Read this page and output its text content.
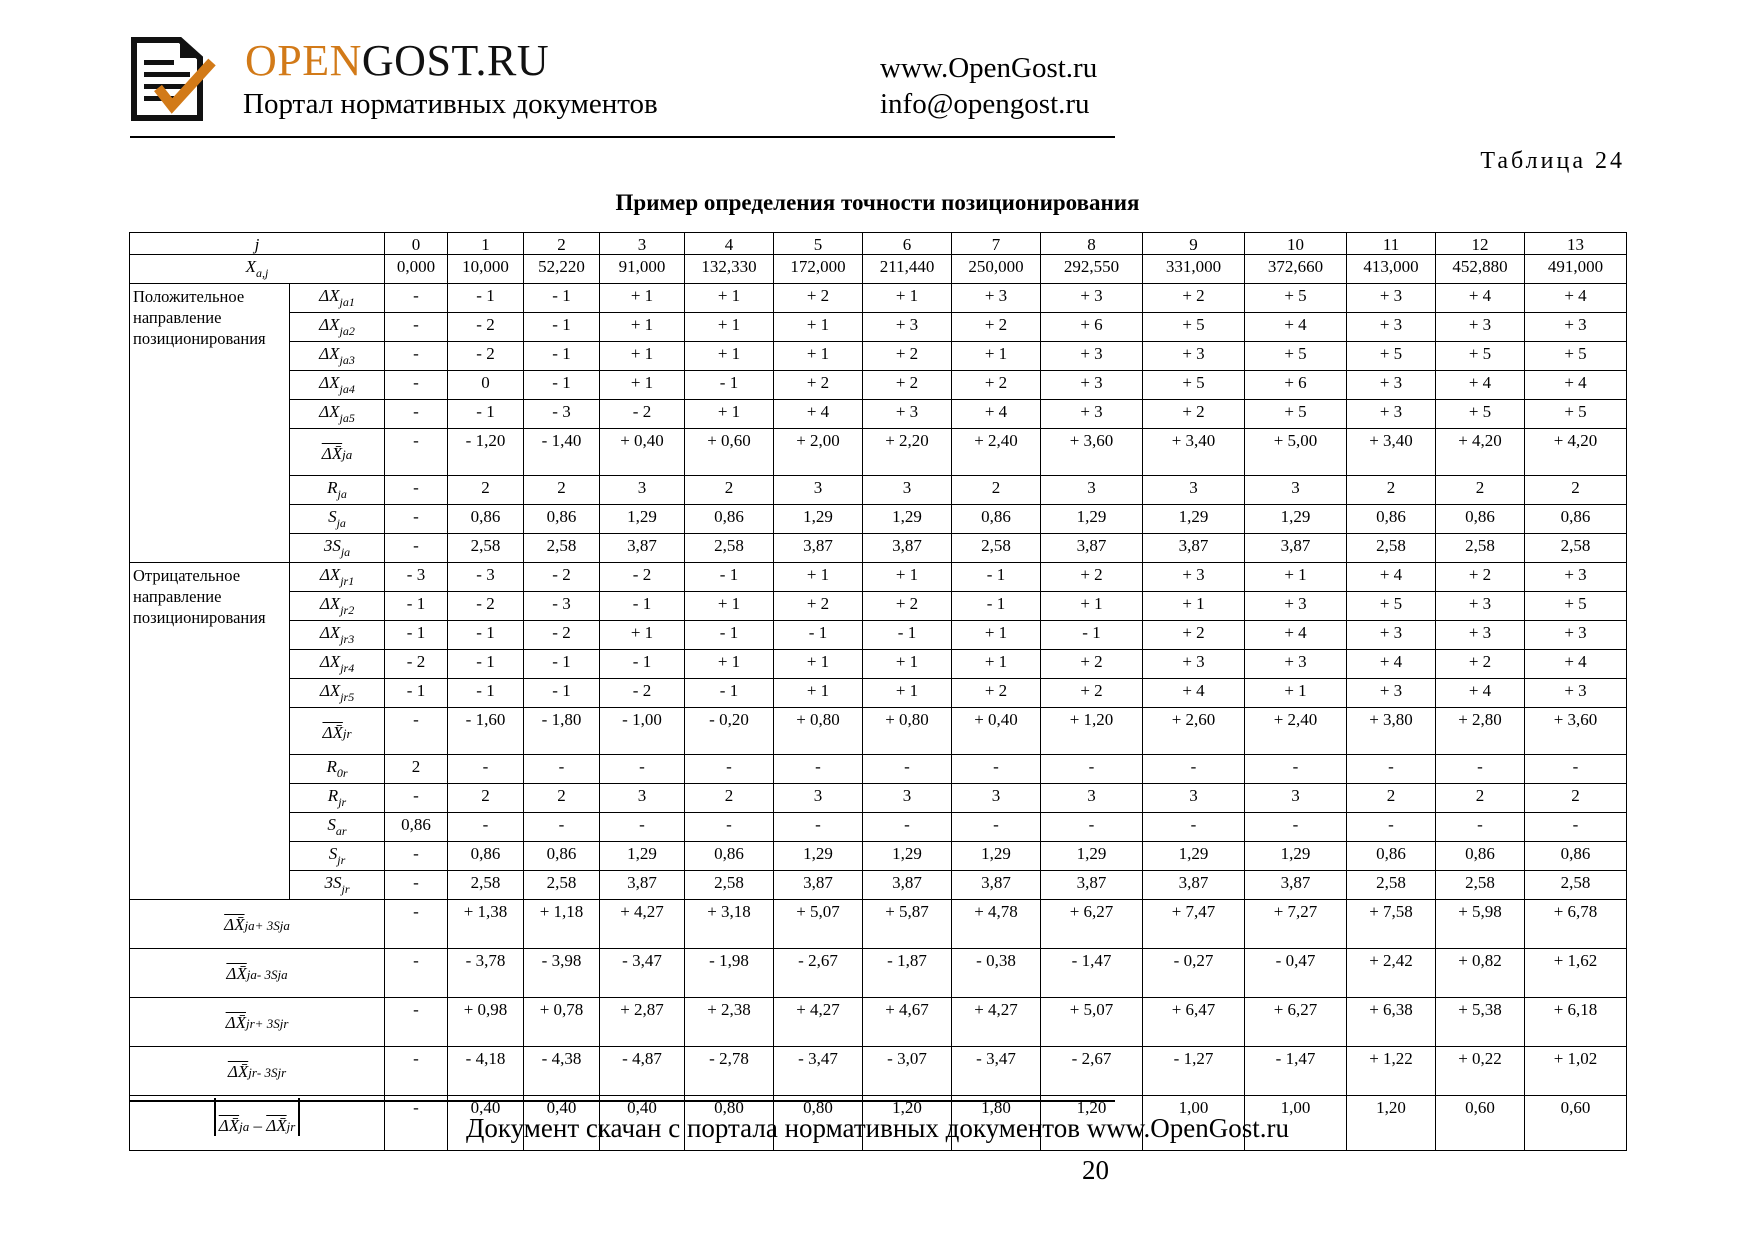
OPENGOST.RU
Портал нормативных документов
www.OpenGost.ru
info@opengost.ru
Таблица 24
Пример определения точности позиционирования
j		0	1	2	3	4	5	6	7	8	9	10	11	12	13
$X_{a,j}$		0,000	10,000	52,220	91,000	132,330	172,000	211,440	250,000	292,550	331,000	372,660	413,000	452,880	491,000
Положительное направление позиционирования	$\Delta X_{ja1}$	-	- 1	- 1	+ 1	+ 1	+ 2	+ 1	+ 3	+ 3	+ 2	+ 5	+ 3	+ 4	+ 4
	$\Delta X_{ja2}$	-	- 2	- 1	+ 1	+ 1	+ 1	+ 3	+ 2	+ 6	+ 5	+ 4	+ 3	+ 3	+ 3
	$\Delta X_{ja3}$	-	- 2	- 1	+ 1	+ 1	+ 1	+ 2	+ 1	+ 3	+ 3	+ 5	+ 5	+ 5	+ 5
	$\Delta X_{ja4}$	-	0	- 1	+ 1	- 1	+ 2	+ 2	+ 2	+ 3	+ 5	+ 6	+ 3	+ 4	+ 4
	$\Delta X_{ja5}$	-	- 1	- 3	- 2	+ 1	+ 4	+ 3	+ 4	+ 3	+ 2	+ 5	+ 3	+ 5	+ 5
	ΔX̄ja	-	- 1,20	- 1,40	+ 0,40	+ 0,60	+ 2,00	+ 2,20	+ 2,40	+ 3,60	+ 3,40	+ 5,00	+ 3,40	+ 4,20	+ 4,20
	$R_{ja}$	-	2	2	3	2	3	3	2	3	3	3	2	2	2
	$S_{ja}$	-	0,86	0,86	1,29	0,86	1,29	1,29	0,86	1,29	1,29	1,29	0,86	0,86	0,86
	$3S_{ja}$	-	2,58	2,58	3,87	2,58	3,87	3,87	2,58	3,87	3,87	3,87	2,58	2,58	2,58
Отрицательное направление позиционирования	$\Delta X_{jr1}$	- 3	- 3	- 2	- 2	- 1	+ 1	+ 1	- 1	+ 2	+ 3	+ 1	+ 4	+ 2	+ 3
	$\Delta X_{jr2}$	- 1	- 2	- 3	- 1	+ 1	+ 2	+ 2	- 1	+ 1	+ 1	+ 3	+ 5	+ 3	+ 5
	$\Delta X_{jr3}$	- 1	- 1	- 2	+ 1	- 1	- 1	- 1	+ 1	- 1	+ 2	+ 4	+ 3	+ 3	+ 3
	$\Delta X_{jr4}$	- 2	- 1	- 1	- 1	+ 1	+ 1	+ 1	+ 1	+ 2	+ 3	+ 3	+ 4	+ 2	+ 4
	$\Delta X_{jr5}$	- 1	- 1	- 1	- 2	- 1	+ 1	+ 1	+ 2	+ 2	+ 4	+ 1	+ 3	+ 4	+ 3
	ΔX̄jr	-	- 1,60	- 1,80	- 1,00	- 0,20	+ 0,80	+ 0,80	+ 0,40	+ 1,20	+ 2,60	+ 2,40	+ 3,80	+ 2,80	+ 3,60
	$R_{0r}$	2	-	-	-	-	-	-	-	-	-	-	-	-	-
	$R_{jr}$	-	2	2	3	2	3	3	3	3	3	3	2	2	2
	$S_{ar}$	0,86	-	-	-	-	-	-	-	-	-	-	-	-	-
	$S_{jr}$	-	0,86	0,86	1,29	0,86	1,29	1,29	1,29	1,29	1,29	1,29	0,86	0,86	0,86
	$3S_{jr}$	-	2,58	2,58	3,87	2,58	3,87	3,87	3,87	3,87	3,87	3,87	2,58	2,58	2,58
ΔX̄ja+ 3Sja		-	+ 1,38	+ 1,18	+ 4,27	+ 3,18	+ 5,07	+ 5,87	+ 4,78	+ 6,27	+ 7,47	+ 7,27	+ 7,58	+ 5,98	+ 6,78
ΔX̄ja- 3Sja		-	- 3,78	- 3,98	- 3,47	- 1,98	- 2,67	- 1,87	- 0,38	- 1,47	- 0,27	- 0,47	+ 2,42	+ 0,82	+ 1,62
ΔX̄jr+ 3Sjr		-	+ 0,98	+ 0,78	+ 2,87	+ 2,38	+ 4,27	+ 4,67	+ 4,27	+ 5,07	+ 6,47	+ 6,27	+ 6,38	+ 5,38	+ 6,18
ΔX̄jr- 3Sjr		-	- 4,18	- 4,38	- 4,87	- 2,78	- 3,47	- 3,07	- 3,47	- 2,67	- 1,27	- 1,47	+ 1,22	+ 0,22	+ 1,02
ΔX̄ja – ΔX̄jr		-	0,40	0,40	0,40	0,80	0,80	1,20	1,80	1,20	1,00	1,00	1,20	0,60	0,60
Документ скачан с портала нормативных документов www.OpenGost.ru
20
